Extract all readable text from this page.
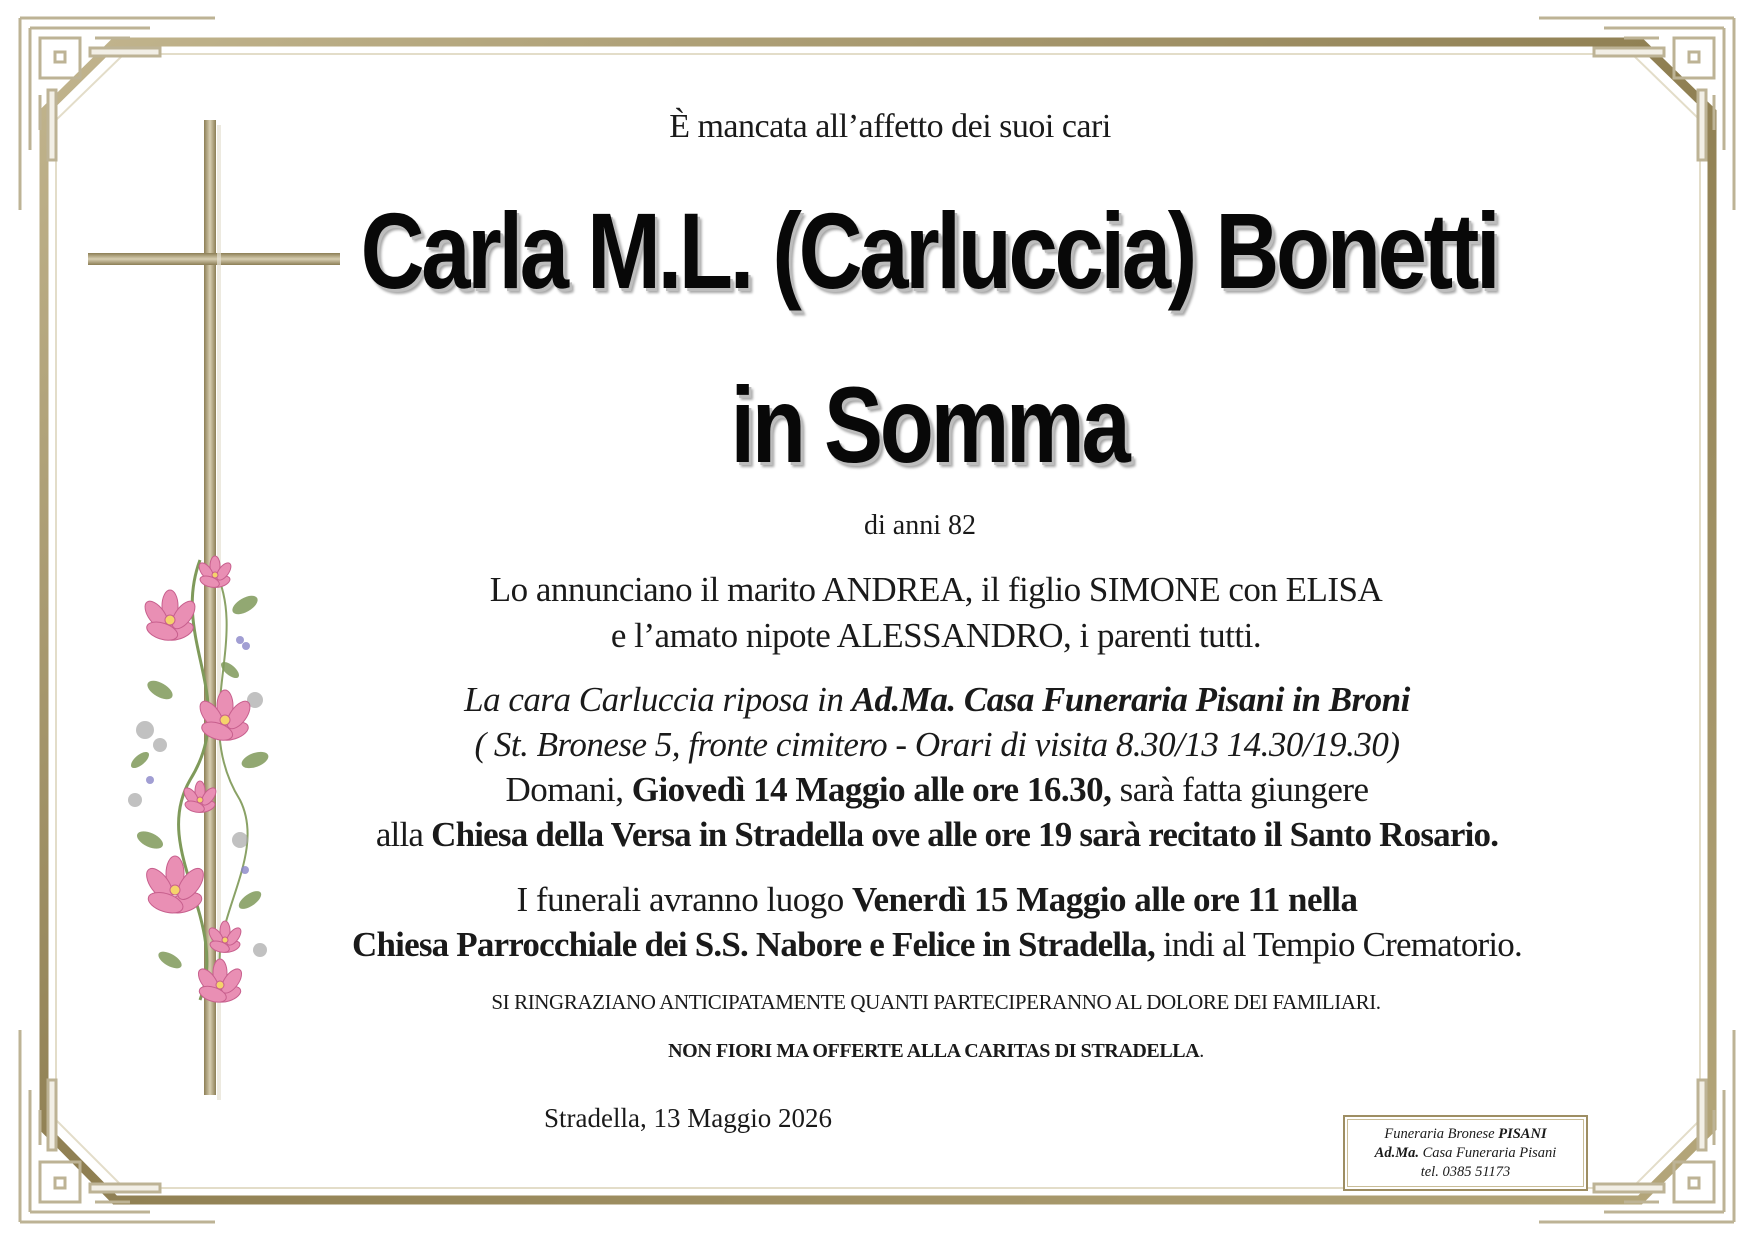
È mancata all’affetto dei suoi cari
Carla M.L. (Carluccia) Bonetti
in Somma
di anni 82
Lo annunciano il marito ANDREA, il figlio SIMONE con ELISA
e l’amato nipote ALESSANDRO, i parenti tutti.
La cara Carluccia riposa in Ad.Ma. Casa Funeraria Pisani in Broni
( St. Bronese 5, fronte cimitero - Orari di visita 8.30/13 14.30/19.30)
Domani, Giovedì 14 Maggio alle ore 16.30, sarà fatta giungere
alla Chiesa della Versa in Stradella ove alle ore 19 sarà recitato il Santo Rosario.
I funerali avranno luogo Venerdì 15 Maggio alle ore 11 nella
Chiesa Parrocchiale dei S.S. Nabore e Felice in Stradella, indi al Tempio Crematorio.
SI RINGRAZIANO ANTICIPATAMENTE QUANTI PARTECIPERANNO AL DOLORE DEI FAMILIARI.
NON FIORI MA OFFERTE ALLA CARITAS DI STRADELLA.
Stradella, 13 Maggio 2026
Funeraria Bronese PISANI
Ad.Ma. Casa Funeraria Pisani
tel. 0385 51173
